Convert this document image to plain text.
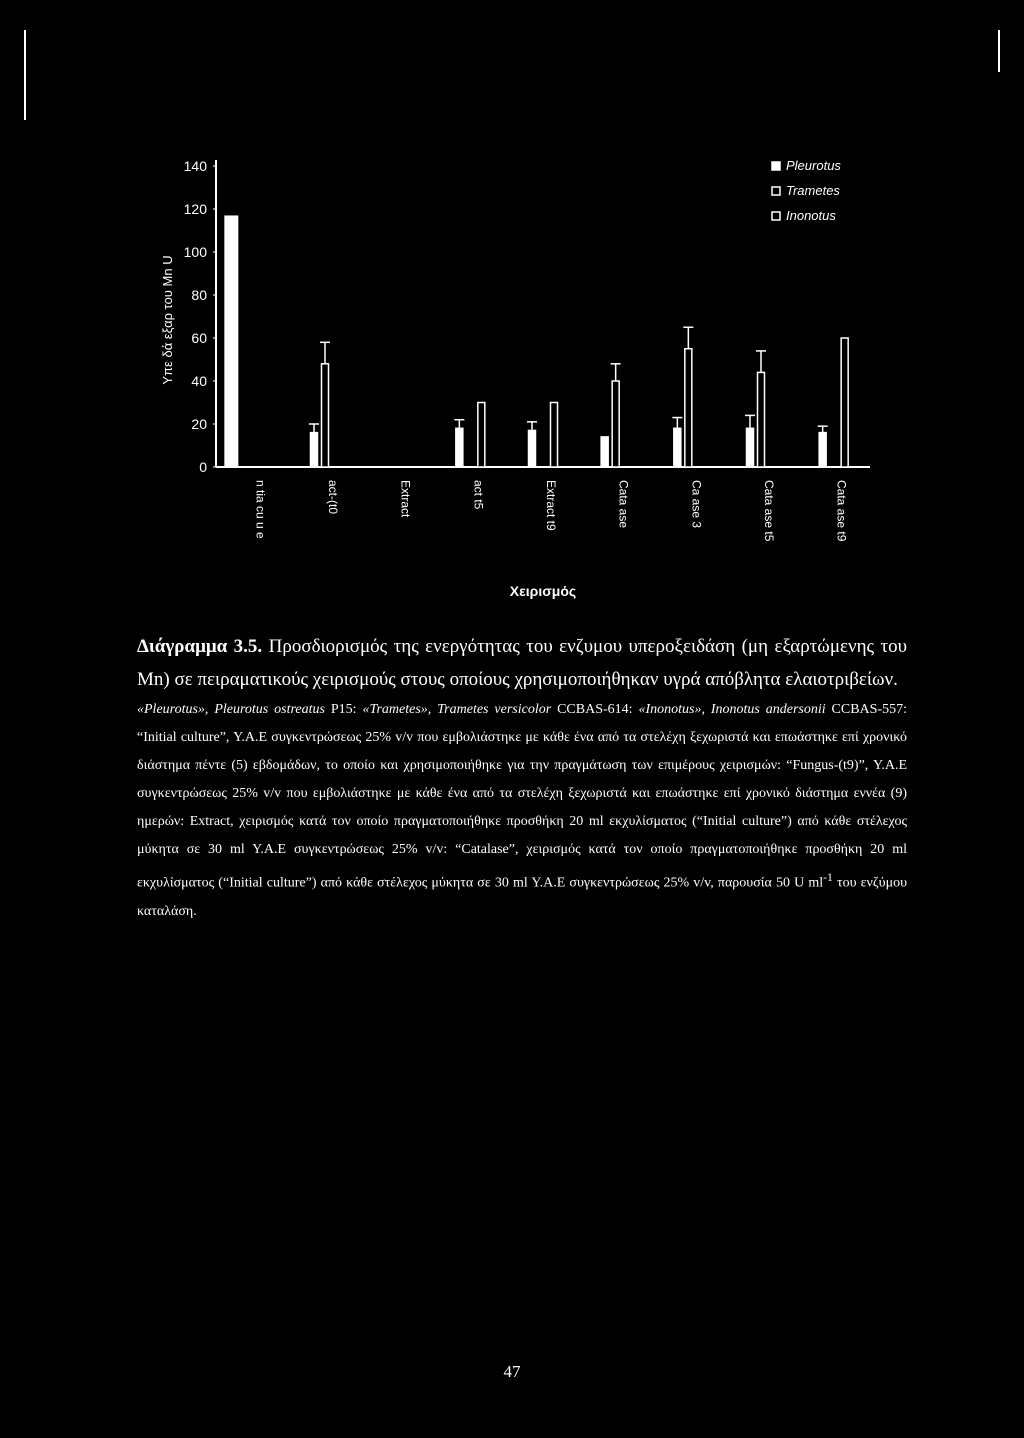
0
20
40
60
80
100
120
140
n tia cu u e	act-(t0	Extract	act t5	Extract t9	Cata ase	Ca ase 3	Cata ase t5	Cata ase t9
Pleurotus
Trametes
Inonotus
Υπε δά εξαρ του Μn U
Χειρισμός
Διάγραμμα 3.5. Προσδιορισμός της ενεργότητας του ενζυμου υπεροξειδάση (μη εξαρτώμενης του Mn) σε πειραματικούς χειρισμούς στους οποίους χρησιμοποιήθηκαν υγρά απόβλητα ελαιοτριβείων.
«Pleurotus», Pleurotus ostreatus P15: «Trametes», Trametes versicolor CCBAS-614: «Inonotus», Inonotus andersonii CCBAS-557: “Initial culture”, Y.A.E συγκεντρώσεως 25% v/v που εμβολιάστηκε με κάθε ένα από τα στελέχη ξεχωριστά και επωάστηκε επί χρονικό διάστημα πέντε (5) εβδομάδων, το οποίο και χρησιμοποιήθηκε για την πραγμάτωση των επιμέρους χειρισμών: “Fungus-(t9)”, Y.A.E συγκεντρώσεως 25% v/v που εμβολιάστηκε με κάθε ένα από τα στελέχη ξεχωριστά και επωάστηκε επί χρονικό διάστημα εννέα (9) ημερών: Extract, χειρισμός κατά τον οποίο πραγματοποιήθηκε προσθήκη 20 ml εκχυλίσματος (“Initial culture”) από κάθε στέλεχος μύκητα σε 30 ml Y.A.E συγκεντρώσεως 25% v/v: “Catalase”, χειρισμός κατά τον οποίο πραγματοποιήθηκε προσθήκη 20 ml εκχυλίσματος (“Initial culture”) από κάθε στέλεχος μύκητα σε 30 ml Y.A.E συγκεντρώσεως 25% v/v, παρουσία 50 U $ml^{-1}$ του ενζύμου καταλάση.
47
